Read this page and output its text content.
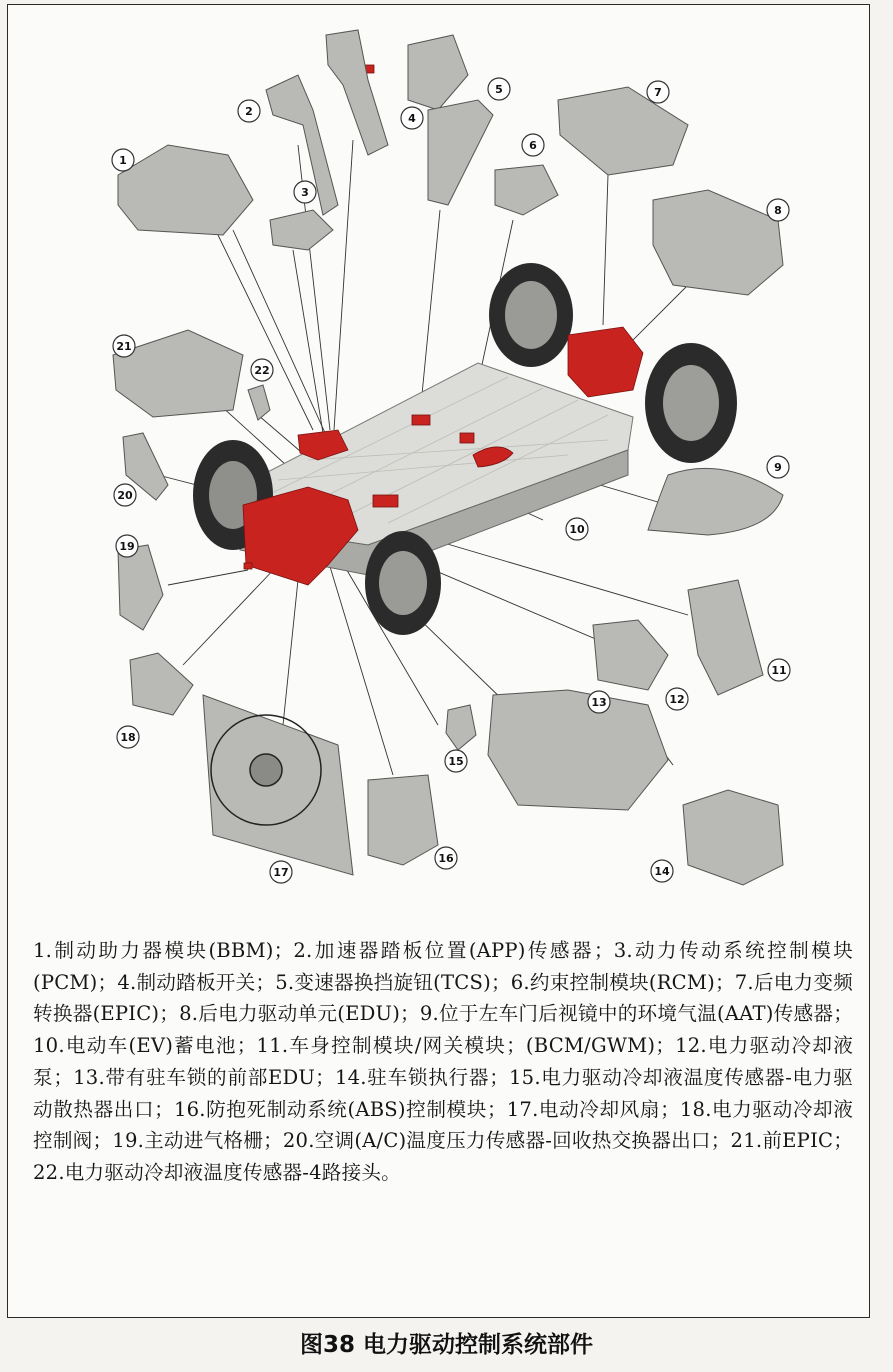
1
2
3
4
5
6
7
8
9
10
11
12
13
14
15
16
17
18
19
20
21
22

1.制动助力器模块(BBM)；2.加速器踏板位置(APP)传感器；3.动力传动系统控制模块(PCM)；4.制动踏板开关；5.变速器换挡旋钮(TCS)；6.约束控制模块(RCM)；7.后电力变频转换器(EPIC)；8.后电力驱动单元(EDU)；9.位于左车门后视镜中的环境气温(AAT)传感器；10.电动车(EV)蓄电池；11.车身控制模块/网关模块；(BCM/GWM)；12.电力驱动冷却液泵；13.带有驻车锁的前部EDU；14.驻车锁执行器；15.电力驱动冷却液温度传感器-电力驱动散热器出口；16.防抱死制动系统(ABS)控制模块；17.电动冷却风扇；18.电力驱动冷却液控制阀；19.主动进气格栅；20.空调(A/C)温度压力传感器-回收热交换器出口；21.前EPIC；22.电力驱动冷却液温度传感器-4路接头。

图38 电力驱动控制系统部件
